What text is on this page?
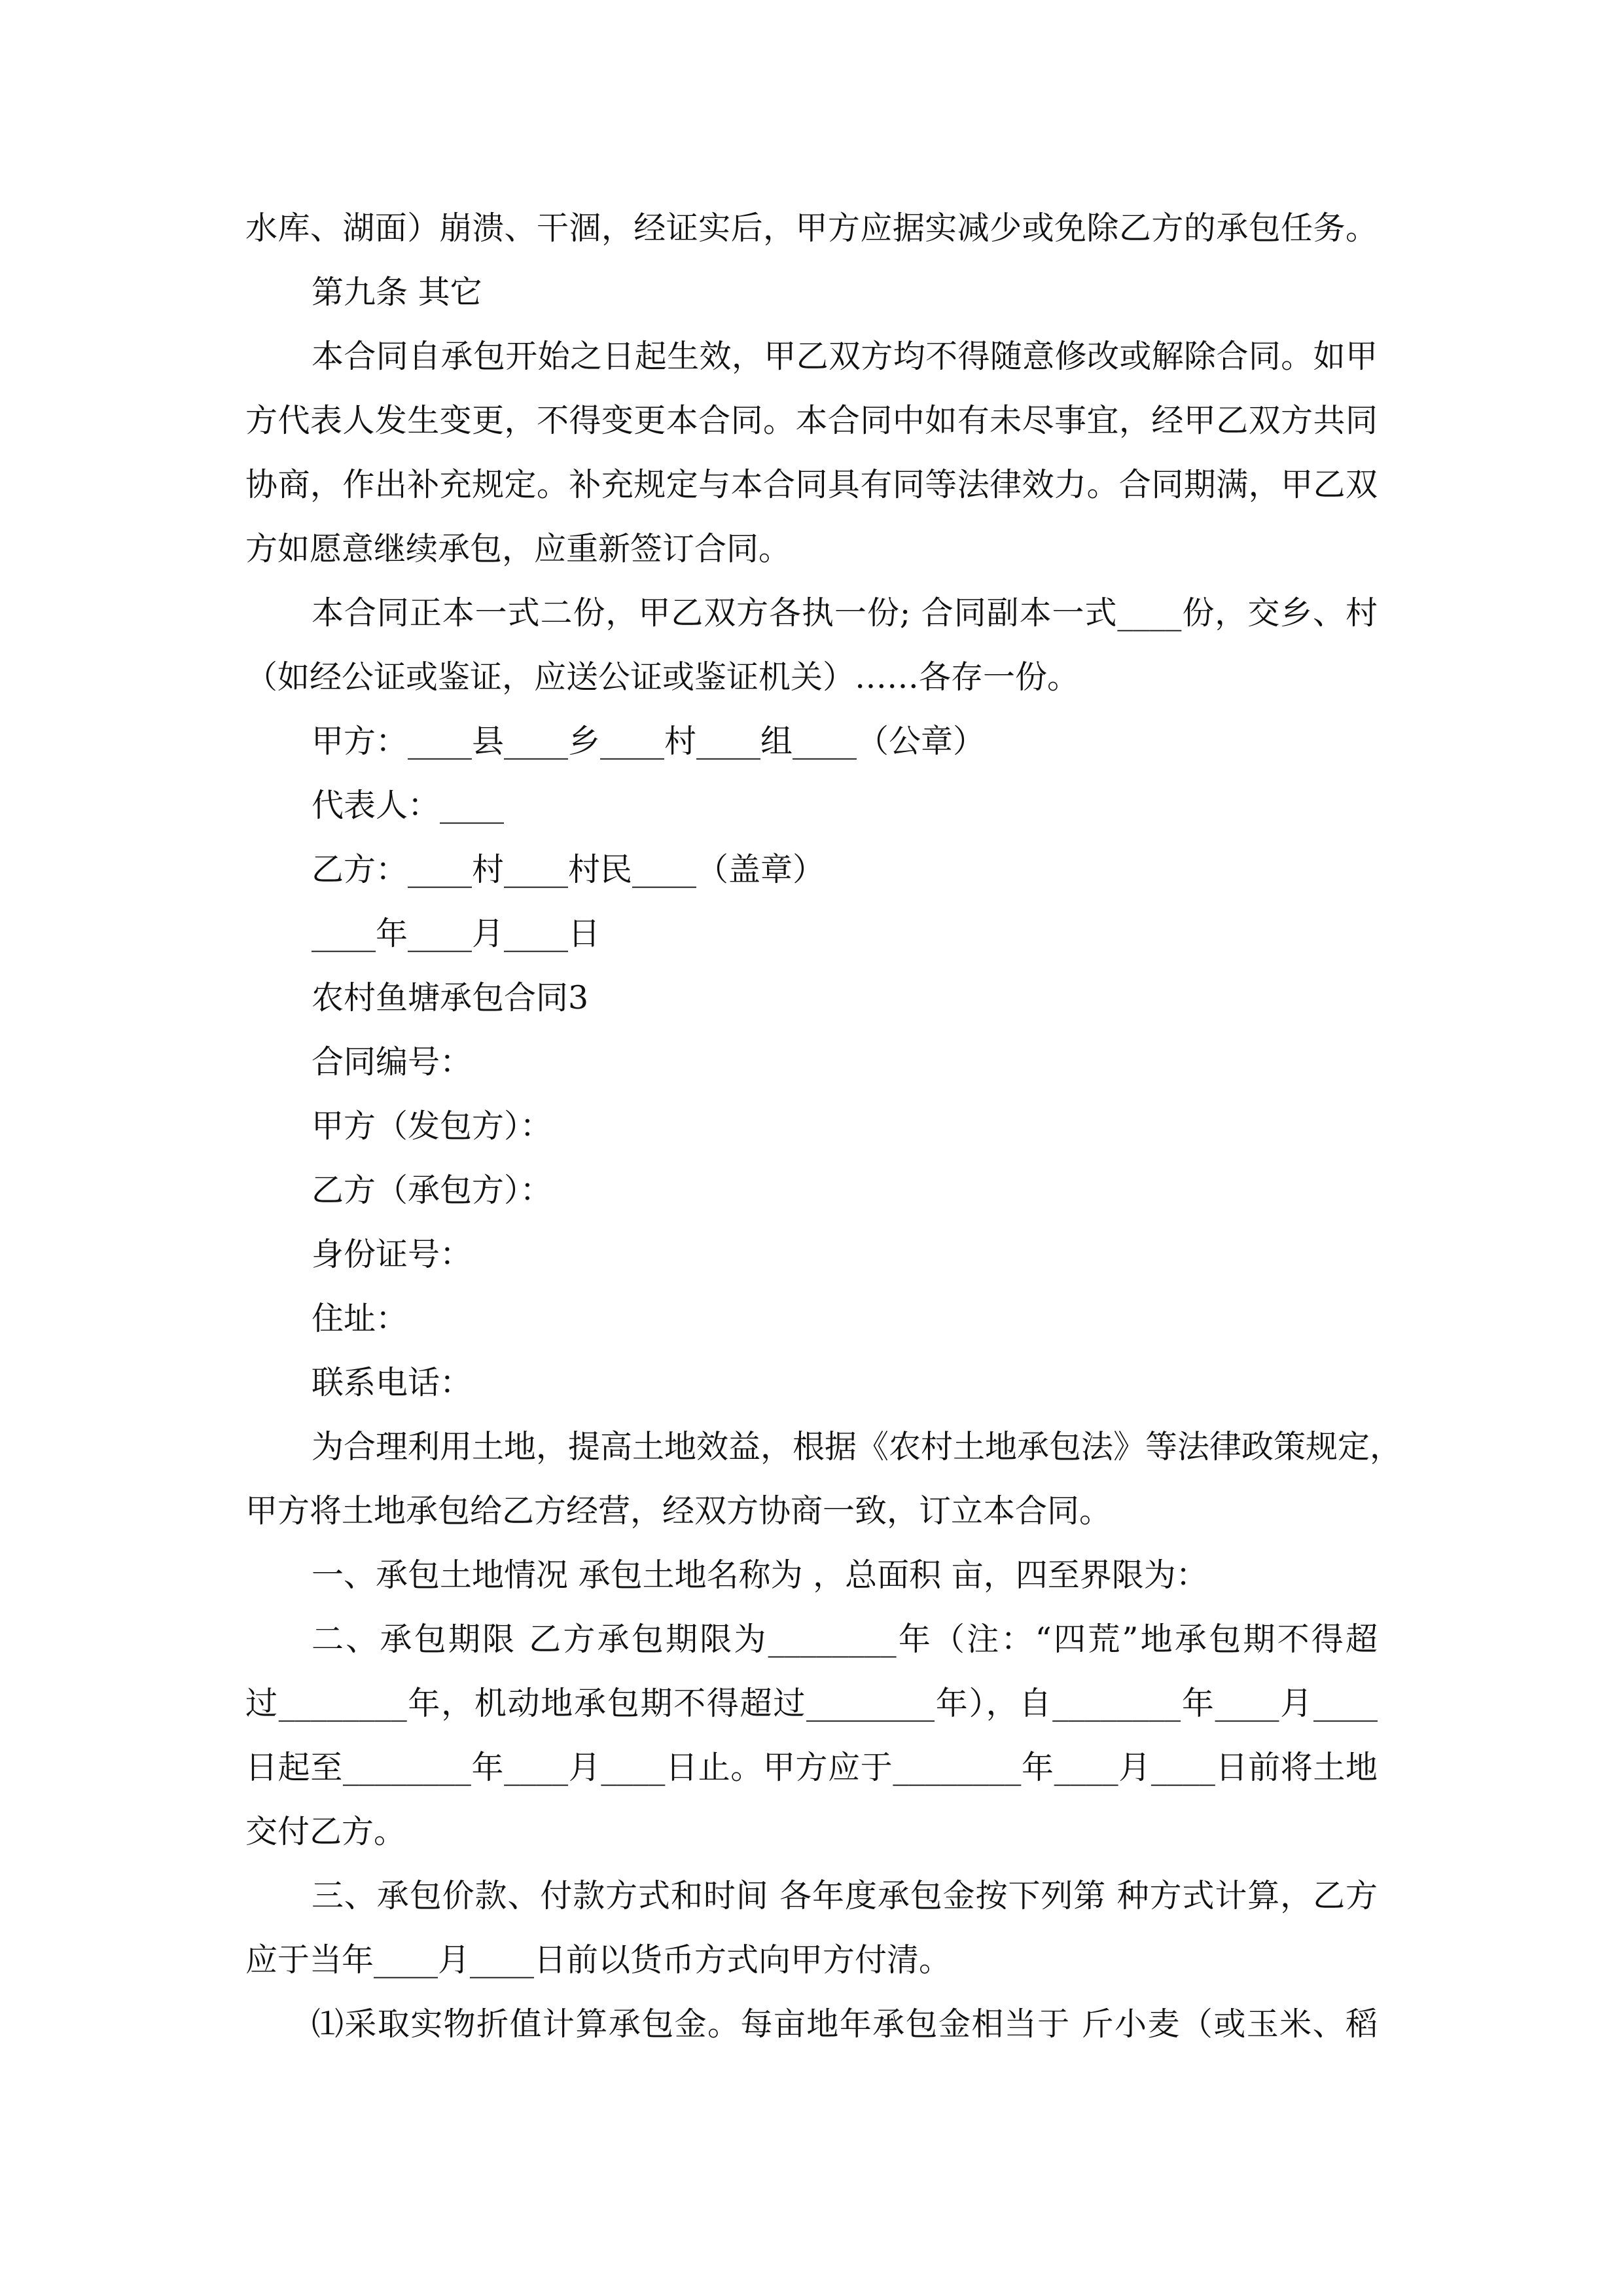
水库、湖面）崩溃、干涸，经证实后，甲方应据实减少或免除乙方的承包任务。
第九条 其它
本合同自承包开始之日起生效，甲乙双方均不得随意修改或解除合同。如甲
方代表人发生变更，不得变更本合同。本合同中如有未尽事宜，经甲乙双方共同
协商，作出补充规定。补充规定与本合同具有同等法律效力。合同期满，甲乙双
方如愿意继续承包，应重新签订合同。
本合同正本一式二份，甲乙双方各执一份; 合同副本一式____份，交乡、村
（如经公证或鉴证，应送公证或鉴证机关）……各存一份。
甲方：____县____乡____村____组____（公章）
代表人：____
乙方：____村____村民____（盖章）
____年____月____日
农村鱼塘承包合同3
合同编号：
甲方（发包方）：
乙方（承包方）：
身份证号：
住址：
联系电话：
为合理利用土地，提高土地效益，根据《农村土地承包法》等法律政策规定，
甲方将土地承包给乙方经营，经双方协商一致，订立本合同。
一、承包土地情况 承包土地名称为 ，总面积 亩，四至界限为：
二、承包期限 乙方承包期限为________年（注：“四荒”地承包期不得超
过________年，机动地承包期不得超过________年），自________年____月____
日起至________年____月____日止。甲方应于________年____月____日前将土地
交付乙方。
三、承包价款、付款方式和时间 各年度承包金按下列第 种方式计算，乙方
应于当年____月____日前以货币方式向甲方付清。
⑴采取实物折值计算承包金。每亩地年承包金相当于 斤小麦（或玉米、稻
